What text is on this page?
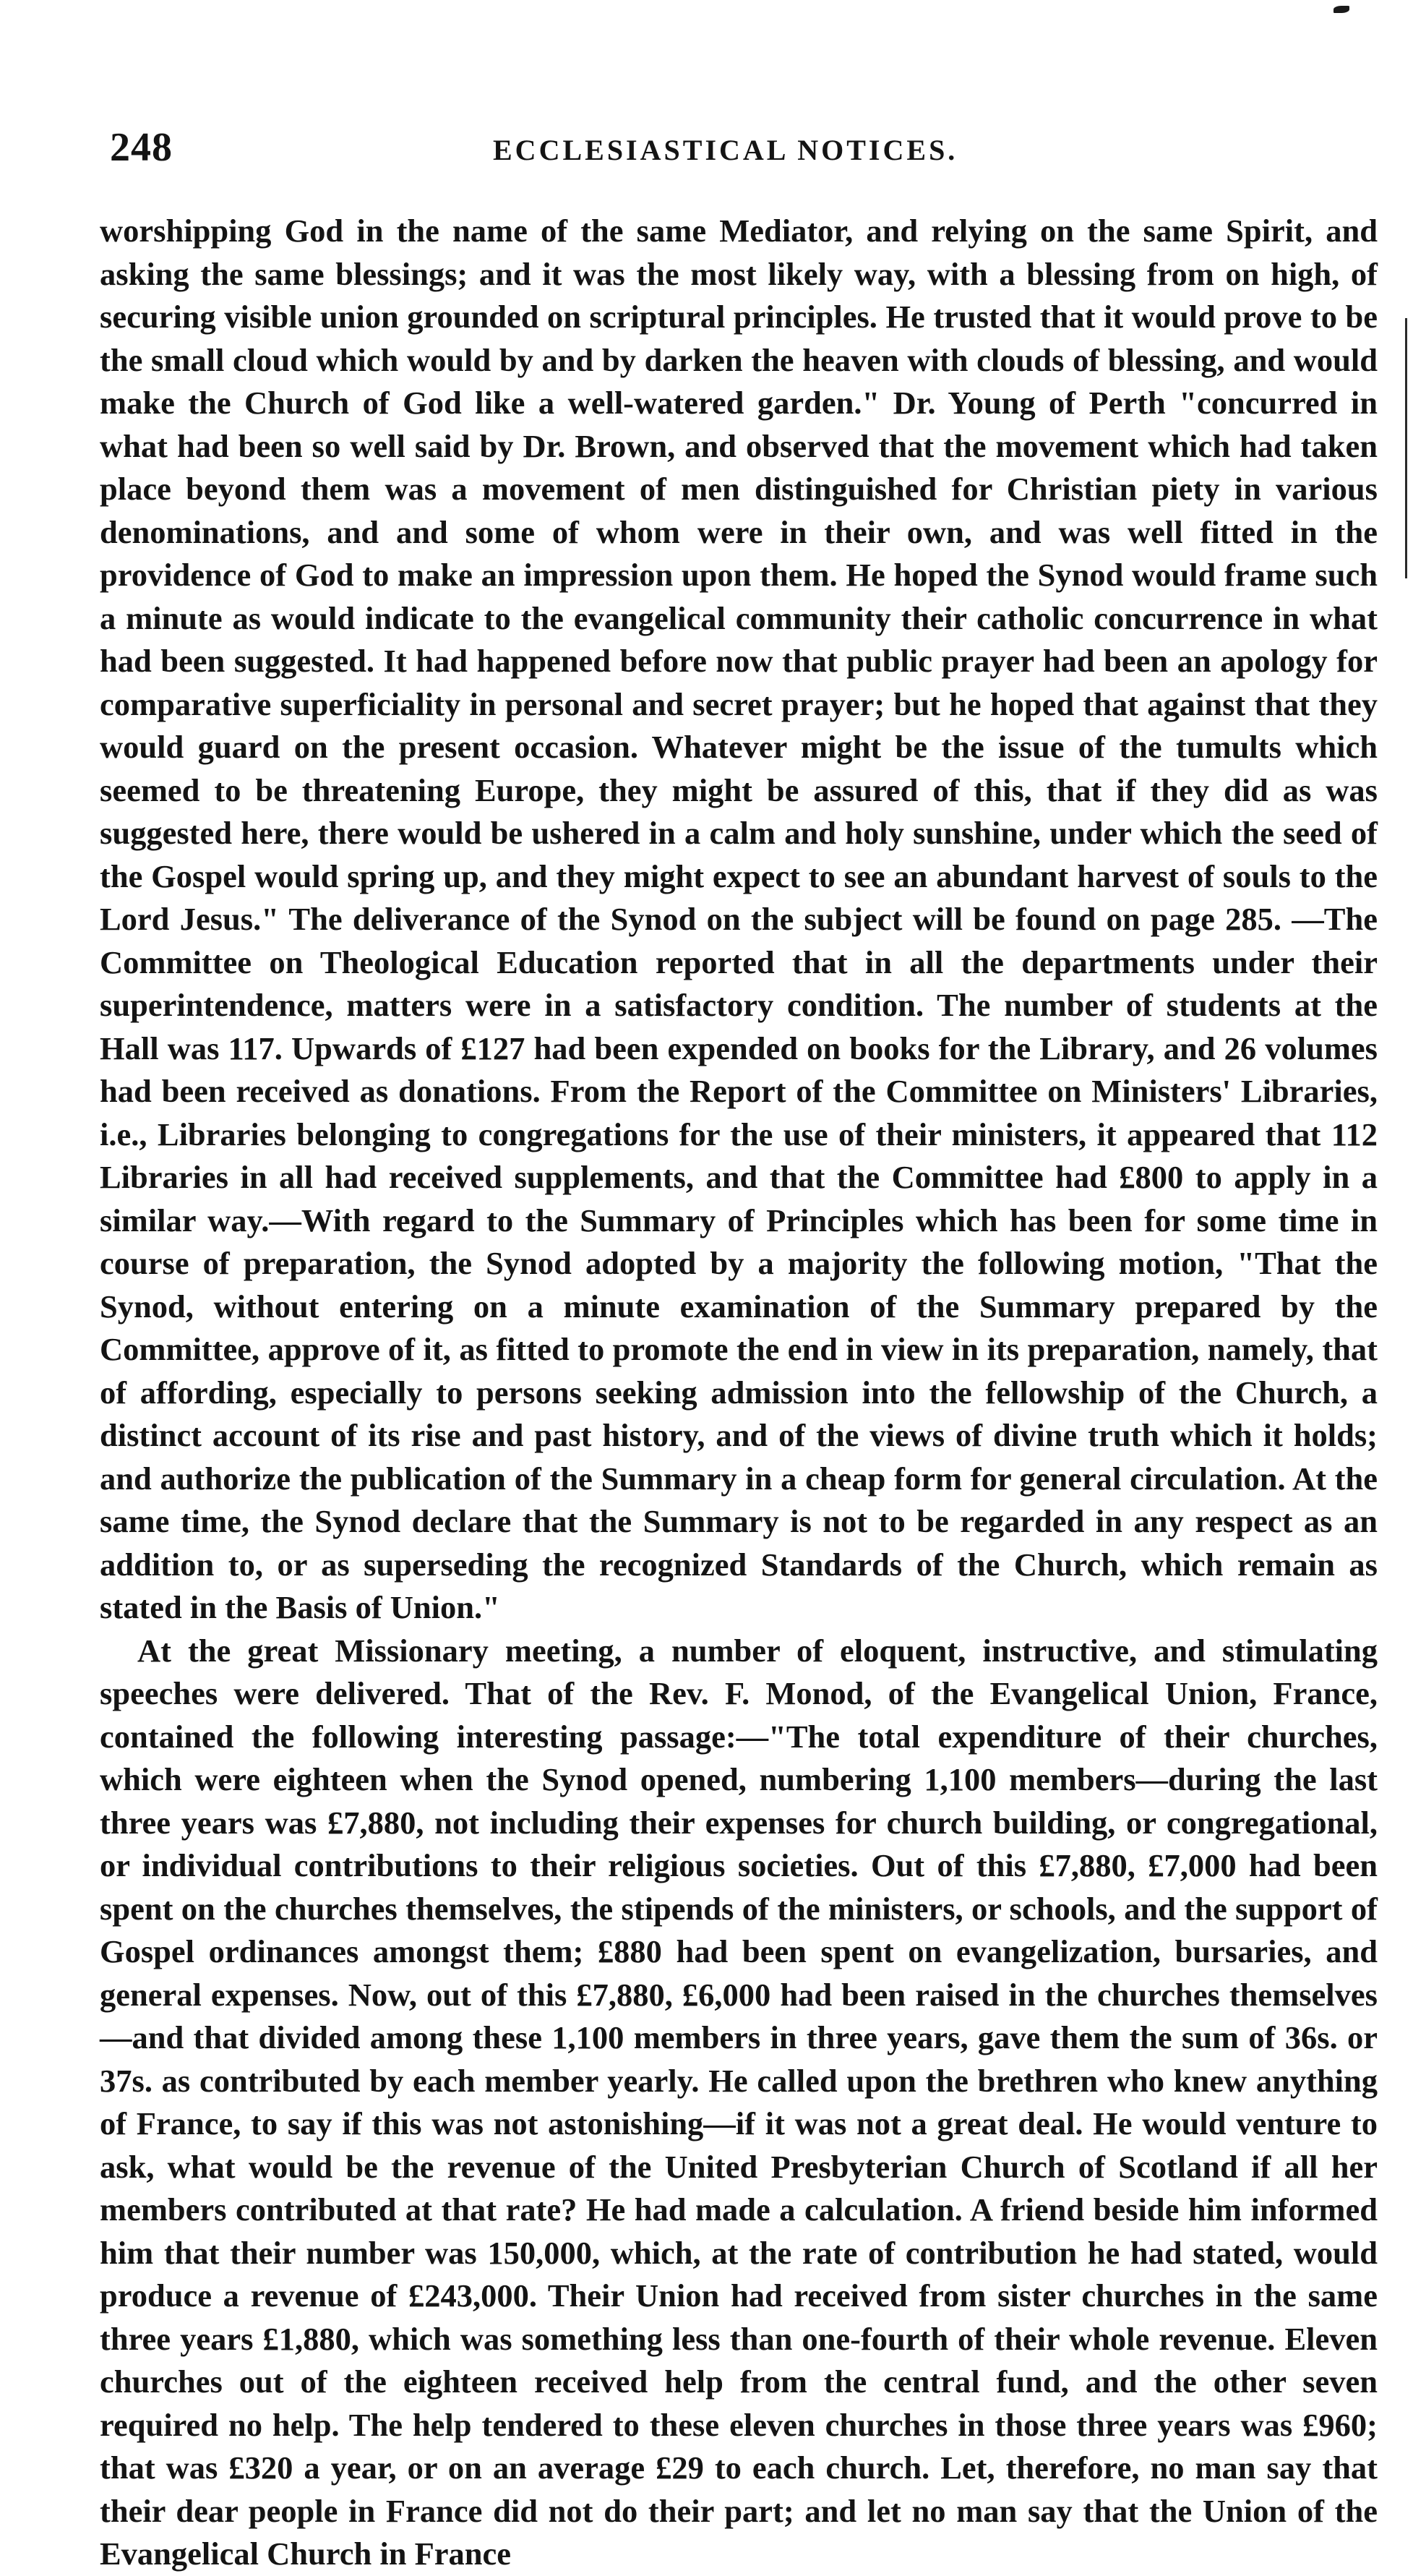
248	ECCLESIASTICAL NOTICES.

worshipping God in the name of the same Mediator, and relying on the same Spirit, and asking the same blessings; and it was the most likely way, with a blessing from on high, of securing visible union grounded on scriptural principles. He trusted that it would prove to be the small cloud which would by and by darken the heaven with clouds of blessing, and would make the Church of God like a well-watered garden." Dr. Young of Perth "concurred in what had been so well said by Dr. Brown, and observed that the movement which had taken place beyond them was a movement of men distinguished for Christian piety in various denominations, and and some of whom were in their own, and was well fitted in the providence of God to make an impression upon them. He hoped the Synod would frame such a minute as would indicate to the evangelical community their catholic concurrence in what had been suggested. It had happened before now that public prayer had been an apology for comparative superficiality in personal and secret prayer; but he hoped that against that they would guard on the present occasion. Whatever might be the issue of the tumults which seemed to be threatening Europe, they might be assured of this, that if they did as was suggested here, there would be ushered in a calm and holy sunshine, under which the seed of the Gospel would spring up, and they might expect to see an abundant harvest of souls to the Lord Jesus." The deliverance of the Synod on the subject will be found on page 285. —The Committee on Theological Education reported that in all the departments under their superintendence, matters were in a satisfactory condition. The number of students at the Hall was 117. Upwards of £127 had been expended on books for the Library, and 26 volumes had been received as donations. From the Report of the Committee on Ministers' Libraries, i.e., Libraries belonging to congregations for the use of their ministers, it appeared that 112 Libraries in all had received supplements, and that the Committee had £800 to apply in a similar way.—With regard to the Summary of Principles which has been for some time in course of preparation, the Synod adopted by a majority the following motion, "That the Synod, without entering on a minute examination of the Summary prepared by the Committee, approve of it, as fitted to promote the end in view in its preparation, namely, that of affording, especially to persons seeking admission into the fellowship of the Church, a distinct account of its rise and past history, and of the views of divine truth which it holds; and authorize the publication of the Summary in a cheap form for general circulation. At the same time, the Synod declare that the Summary is not to be regarded in any respect as an addition to, or as superseding the recognized Standards of the Church, which remain as stated in the Basis of Union."

At the great Missionary meeting, a number of eloquent, instructive, and stimulating speeches were delivered. That of the Rev. F. Monod, of the Evangelical Union, France, contained the following interesting passage:—"The total expenditure of their churches, which were eighteen when the Synod opened, numbering 1,100 members—during the last three years was £7,880, not including their expenses for church building, or congregational, or individual contributions to their religious societies. Out of this £7,880, £7,000 had been spent on the churches themselves, the stipends of the ministers, or schools, and the support of Gospel ordinances amongst them; £880 had been spent on evangelization, bursaries, and general expenses. Now, out of this £7,880, £6,000 had been raised in the churches themselves—and that divided among these 1,100 members in three years, gave them the sum of 36s. or 37s. as contributed by each member yearly. He called upon the brethren who knew anything of France, to say if this was not astonishing—if it was not a great deal. He would venture to ask, what would be the revenue of the United Presbyterian Church of Scotland if all her members contributed at that rate? He had made a calculation. A friend beside him informed him that their number was 150,000, which, at the rate of contribution he had stated, would produce a revenue of £243,000. Their Union had received from sister churches in the same three years £1,880, which was something less than one-fourth of their whole revenue. Eleven churches out of the eighteen received help from the central fund, and the other seven required no help. The help tendered to these eleven churches in those three years was £960; that was £320 a year, or on an average £29 to each church. Let, therefore, no man say that their dear people in France did not do their part; and let no man say that the Union of the Evangelical Church in France
